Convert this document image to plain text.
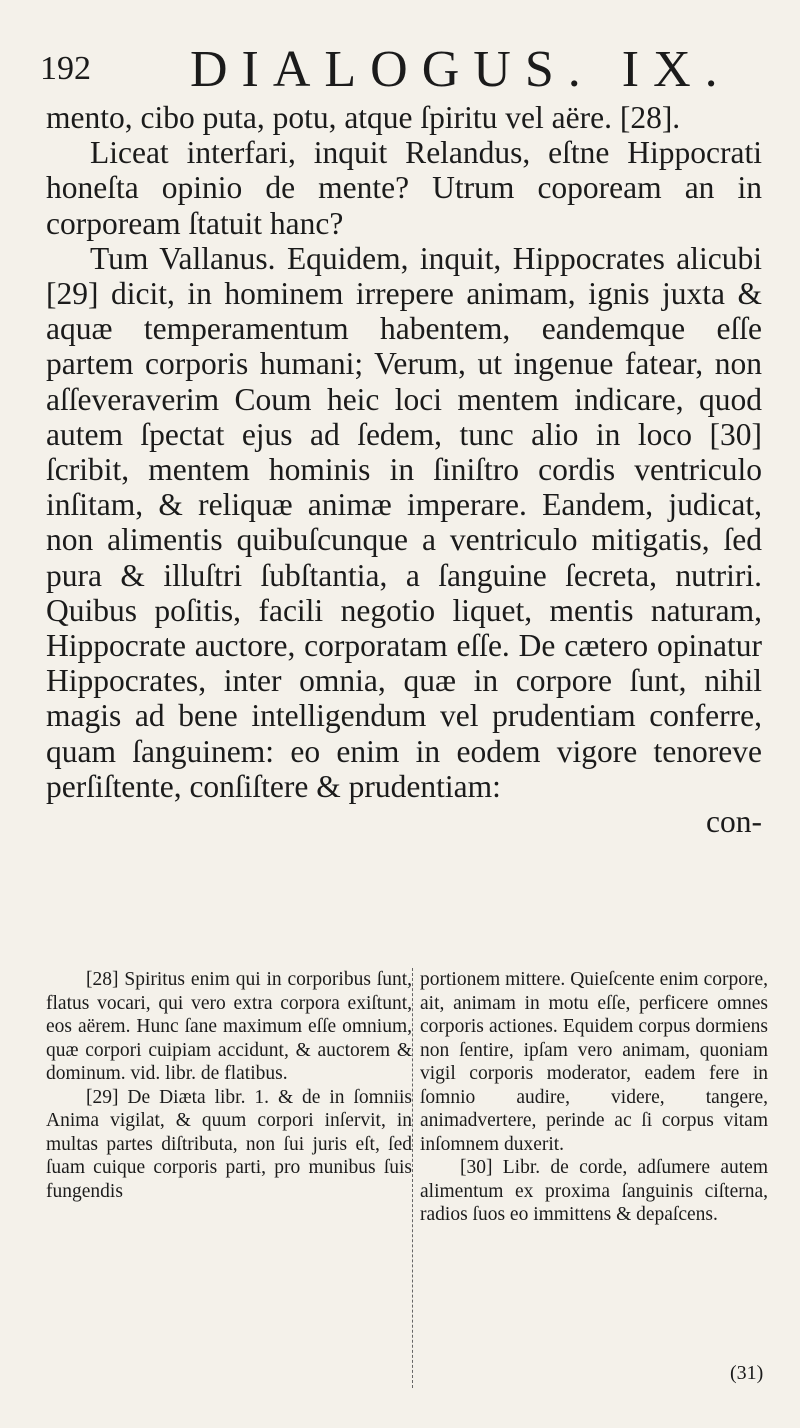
192 DIALOGUS. IX.

mento, cibo puta, potu, atque ſpiritu vel aëre. [28].

Liceat interfari, inquit Relandus, eſtne Hippocrati honeſta opinio de mente? Utrum copoream an in corpoream ſtatuit hanc?

Tum Vallanus. Equidem, inquit, Hippocrates alicubi [29] dicit, in hominem irrepere animam, ignis juxta & aquæ temperamentum habentem, eandemque eſſe partem corporis humani; Verum, ut ingenue fatear, non aſſeveraverim Coum heic loci mentem indicare, quod autem ſpectat ejus ad ſedem, tunc alio in loco [30] ſcribit, mentem hominis in ſiniſtro cordis ventriculo inſitam, & reliquæ animæ imperare. Eandem, judicat, non alimentis quibuſcunque a ventriculo mitigatis, ſed pura & illuſtri ſubſtantia, a ſanguine ſecreta, nutriri. Quibus poſitis, facili negotio liquet, mentis naturam, Hippocrate auctore, corporatam eſſe. De cætero opinatur Hippocrates, inter omnia, quæ in corpore ſunt, nihil magis ad bene intelligendum vel prudentiam conferre, quam ſanguinem: eo enim in eodem vigore tenoreve perſiſtente, conſiſtere & prudentiam:

con-

[28] Spiritus enim qui in corporibus ſunt, flatus vocari, qui vero extra corpora exiſtunt, eos aërem. Hunc ſane maximum eſſe omnium, quæ corpori cuipiam accidunt, & auctorem & dominum. vid. libr. de flatibus.

[29] De Diæta libr. 1. & de in ſomniis Anima vigilat, & quum corpori inſervit, in multas partes diſtributa, non ſui juris eſt, ſed ſuam cuique corporis parti, pro munibus ſuis fungendis

portionem mittere. Quieſcente enim corpore, ait, animam in motu eſſe, perficere omnes corporis actiones. Equidem corpus dormiens non ſentire, ipſam vero animam, quoniam vigil corporis moderator, eadem fere in ſomnio audire, videre, tangere, animadvertere, perinde ac ſi corpus vitam inſomnem duxerit.

[30] Libr. de corde, adſumere autem alimentum ex proxima ſanguinis ciſterna, radios ſuos eo immittens & depaſcens.

(31)
